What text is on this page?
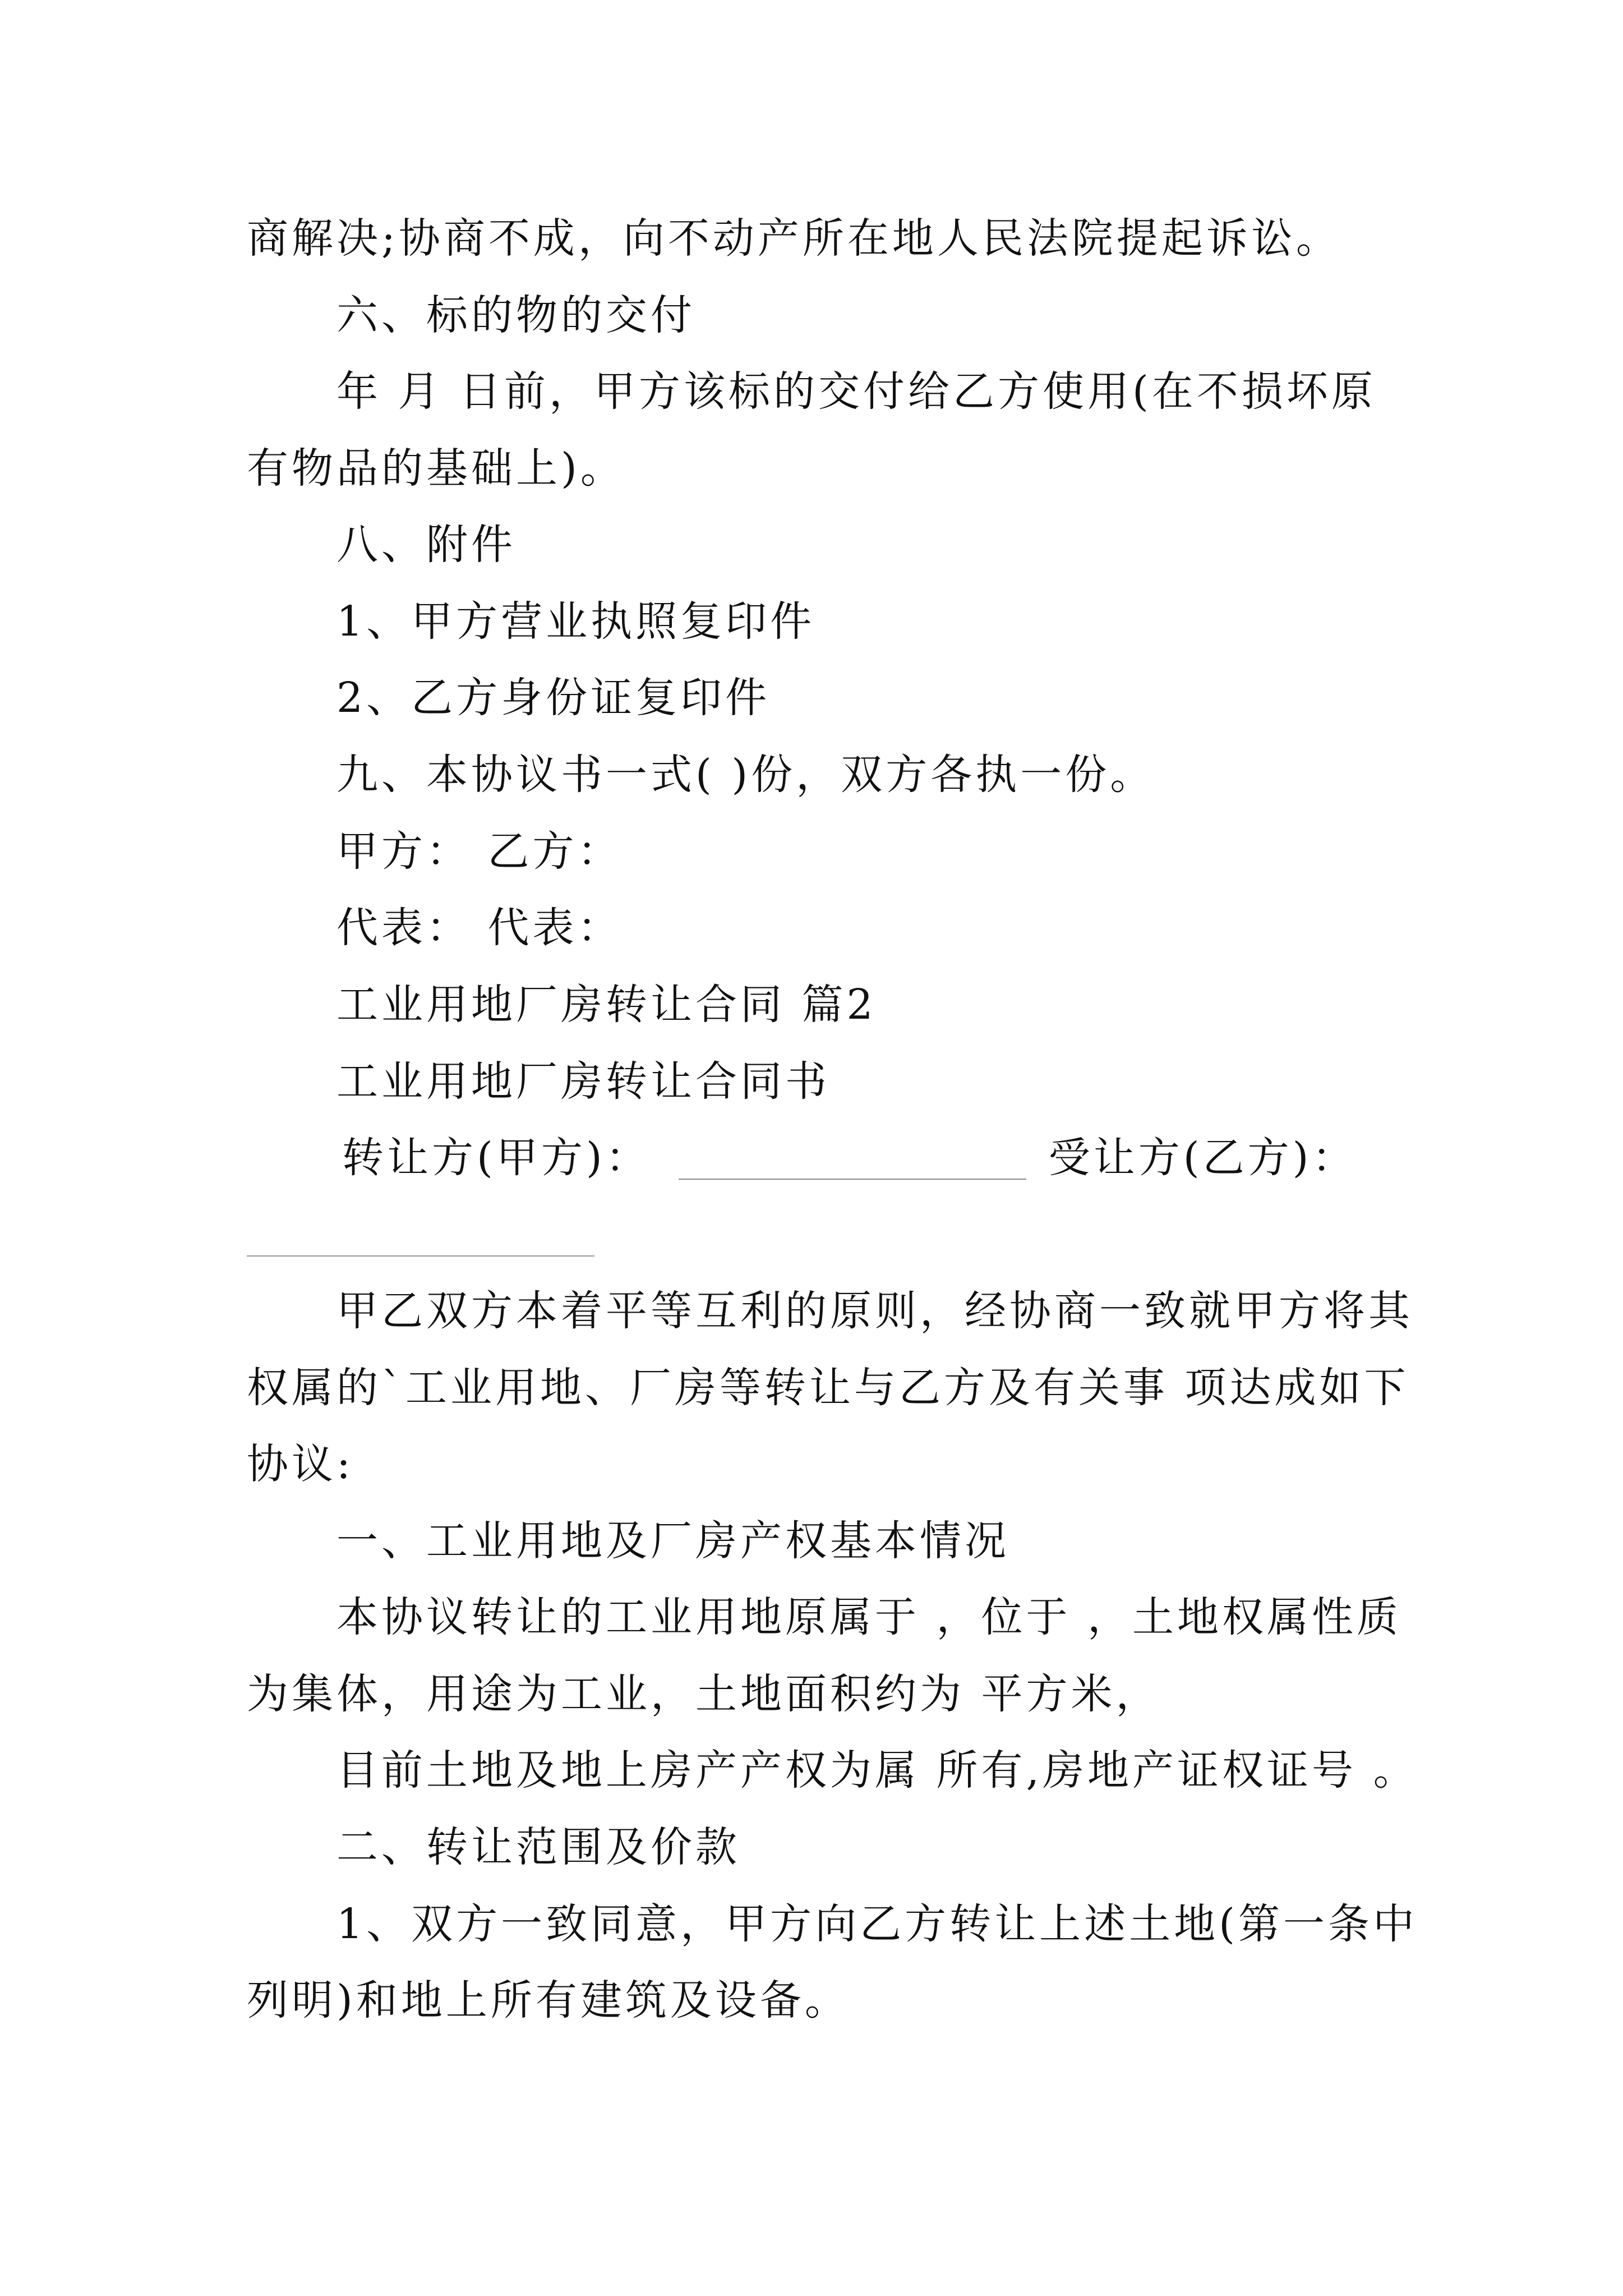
商解决;协商不成，向不动产所在地人民法院提起诉讼。
六、标的物的交付
年 月 日前，甲方该标的交付给乙方使用(在不损坏原
有物品的基础上)。
八、附件
1、甲方营业执照复印件
2、乙方身份证复印件
九、本协议书一式( )份，双方各执一份。
甲方： 乙方：
代表： 代表：
工业用地厂房转让合同 篇2
工业用地厂房转让合同书
转让方(甲方)：	受让方(乙方)：
甲乙双方本着平等互利的原则，经协商一致就甲方将其
权属的`工业用地、厂房等转让与乙方及有关事 项达成如下
协议:
一、工业用地及厂房产权基本情况
本协议转让的工业用地原属于 ，位于 ，土地权属性质
为集体，用途为工业，土地面积约为 平方米，
目前土地及地上房产产权为属 所有,房地产证权证号 。
二、转让范围及价款
1、双方一致同意，甲方向乙方转让上述土地(第一条中
列明)和地上所有建筑及设备。
